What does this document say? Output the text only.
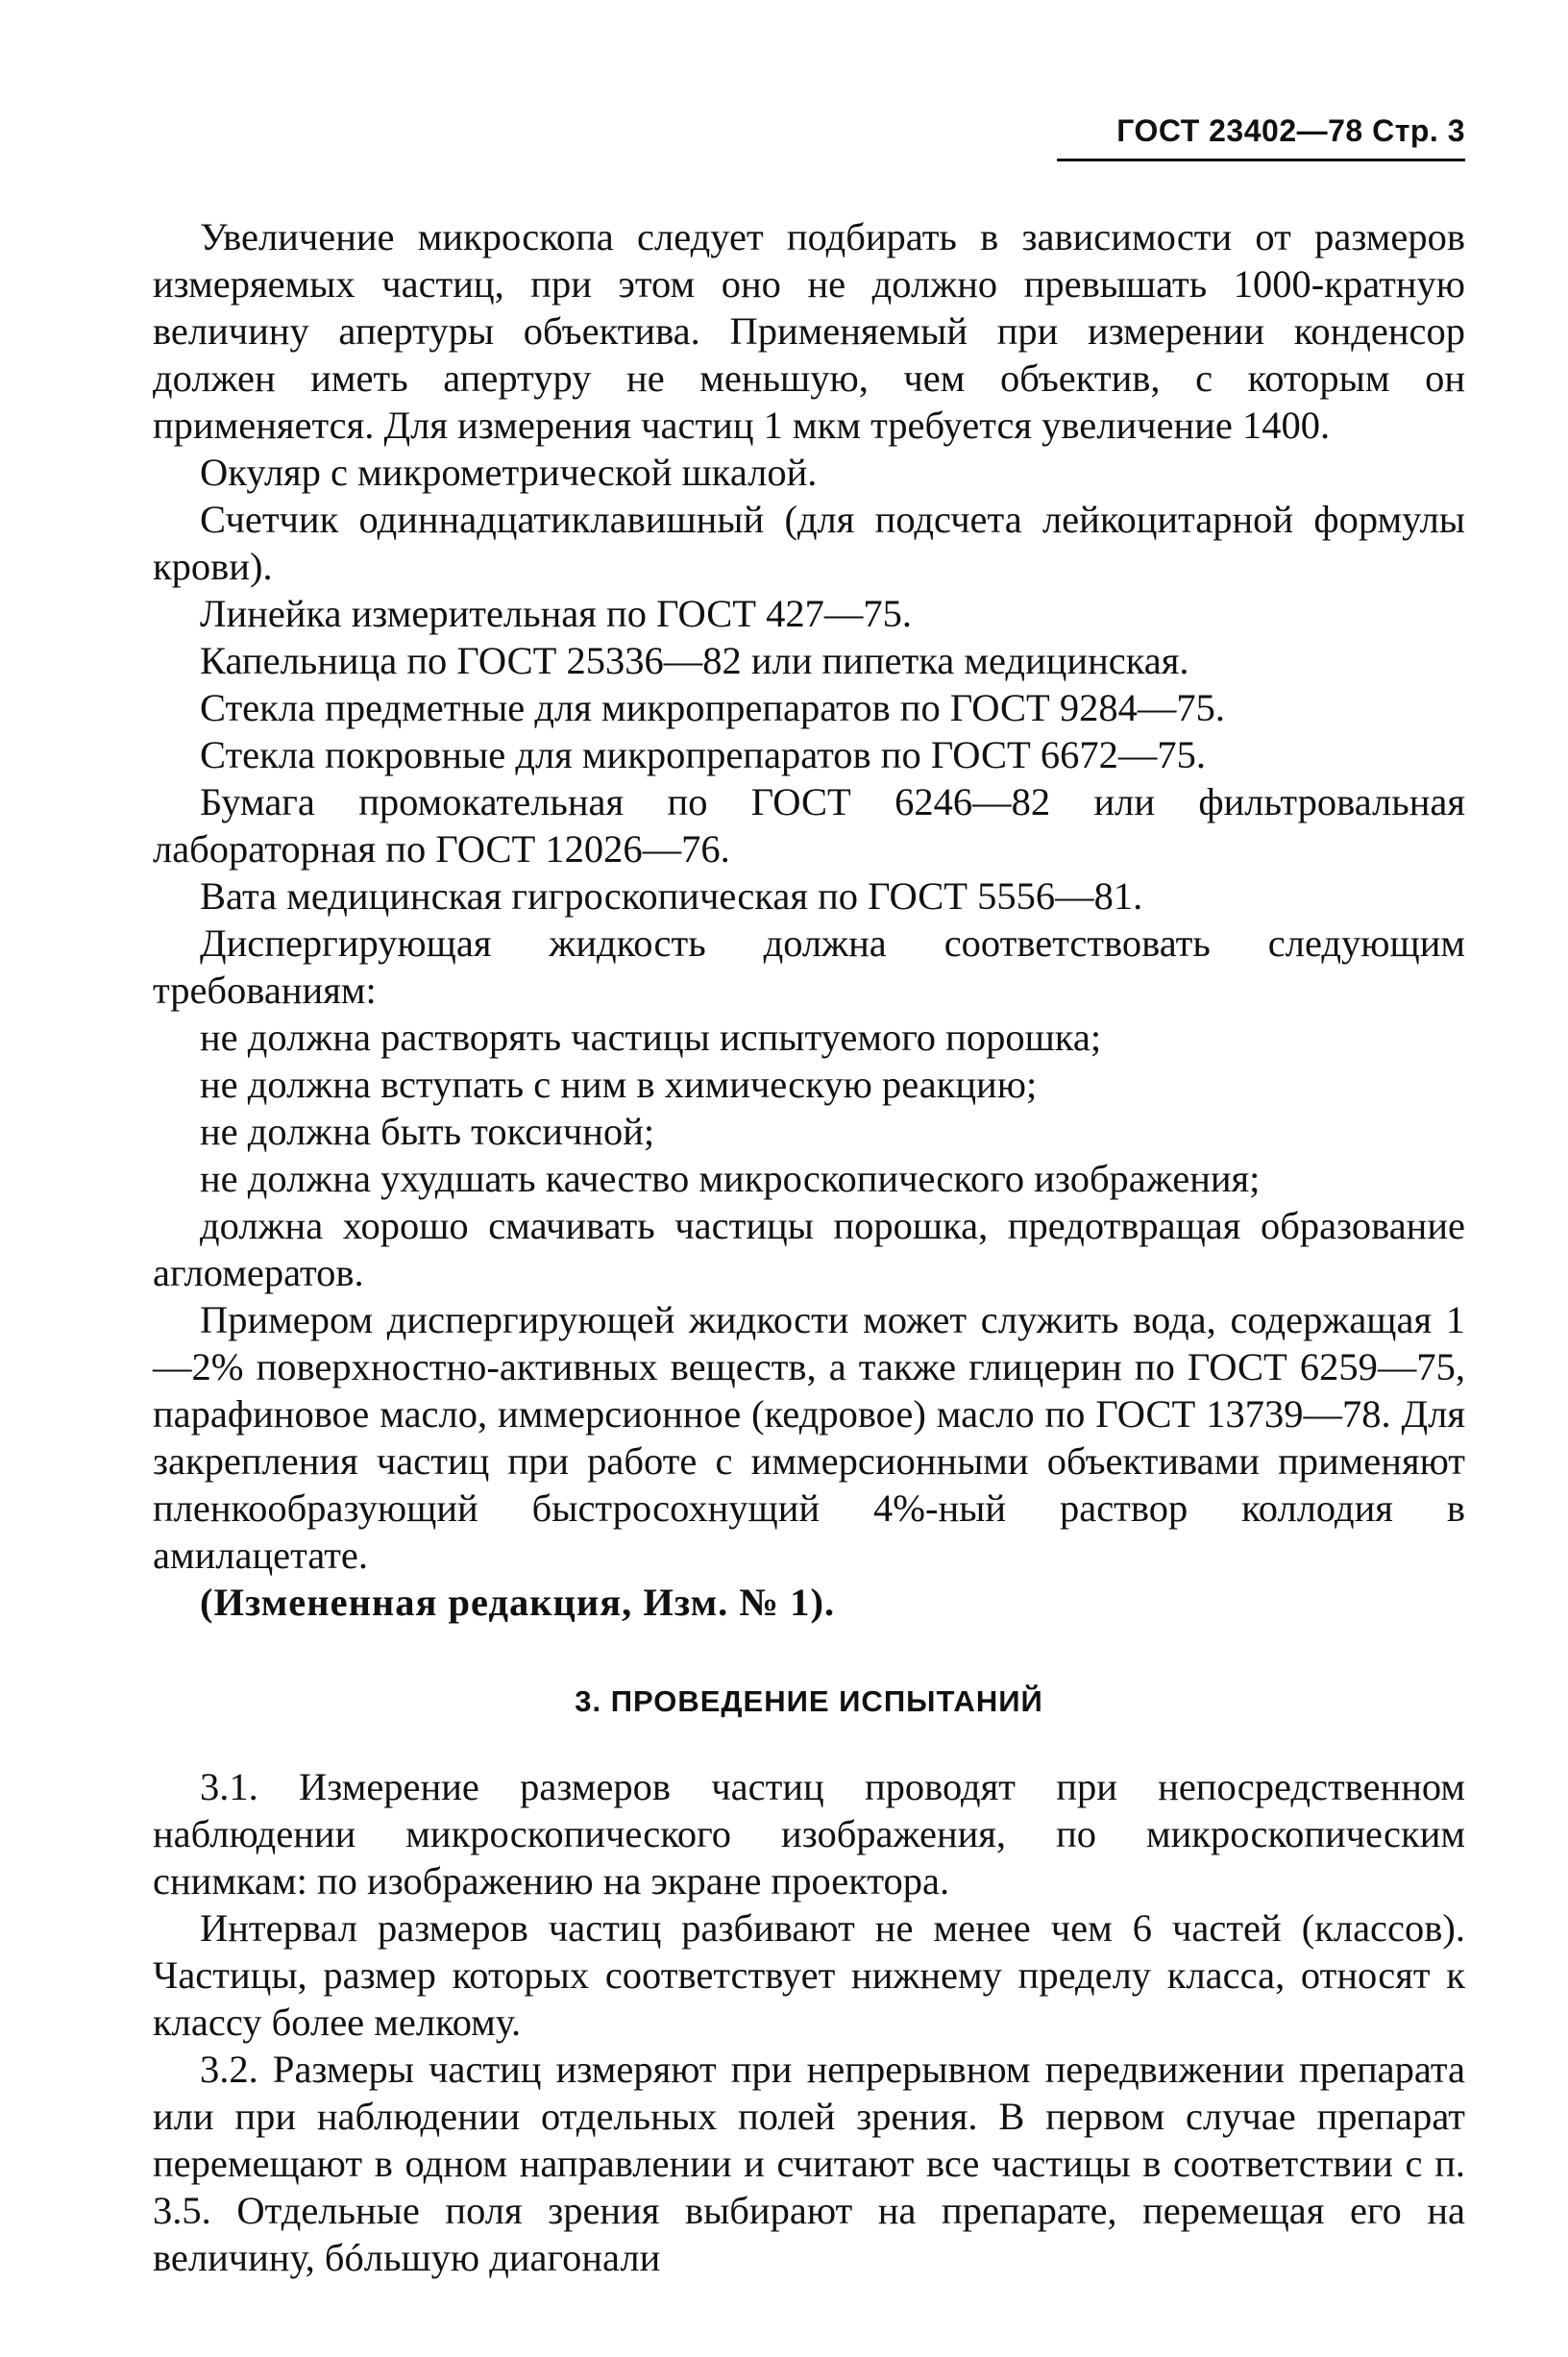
ГОСТ 23402—78 Стр. 3

Увеличение микроскопа следует подбирать в зависимости от размеров измеряемых частиц, при этом оно не должно превышать 1000-кратную величину апертуры объектива. Применяемый при измерении конденсор должен иметь апертуру не меньшую, чем объектив, с которым он применяется. Для измерения частиц 1 мкм требуется увеличение 1400.

Окуляр с микрометрической шкалой.

Счетчик одиннадцатиклавишный (для подсчета лейкоцитарной формулы крови).

Линейка измерительная по ГОСТ 427—75.

Капельница по ГОСТ 25336—82 или пипетка медицинская.

Стекла предметные для микропрепаратов по ГОСТ 9284—75.

Стекла покровные для микропрепаратов по ГОСТ 6672—75.

Бумага промокательная по ГОСТ 6246—82 или фильтровальная лабораторная по ГОСТ 12026—76.

Вата медицинская гигроскопическая по ГОСТ 5556—81.

Диспергирующая жидкость должна соответствовать следующим требованиям:

не должна растворять частицы испытуемого порошка;

не должна вступать с ним в химическую реакцию;

не должна быть токсичной;

не должна ухудшать качество микроскопического изображения;

должна хорошо смачивать частицы порошка, предотвращая образование агломератов.

Примером диспергирующей жидкости может служить вода, содержащая 1—2% поверхностно-активных веществ, а также глицерин по ГОСТ 6259—75, парафиновое масло, иммерсионное (кедровое) масло по ГОСТ 13739—78. Для закрепления частиц при работе с иммерсионными объективами применяют пленкообразующий быстросохнущий 4%-ный раствор коллодия в амилацетате.

(Измененная редакция, Изм. № 1).

3. ПРОВЕДЕНИЕ ИСПЫТАНИЙ

3.1. Измерение размеров частиц проводят при непосредственном наблюдении микроскопического изображения, по микроскопическим снимкам: по изображению на экране проектора.

Интервал размеров частиц разбивают не менее чем 6 частей (классов). Частицы, размер которых соответствует нижнему пределу класса, относят к классу более мелкому.

3.2. Размеры частиц измеряют при непрерывном передвижении препарата или при наблюдении отдельных полей зрения. В первом случае препарат перемещают в одном направлении и считают все частицы в соответствии с п. 3.5. Отдельные поля зрения выбирают на препарате, перемещая его на величину, бóльшую диагонали
